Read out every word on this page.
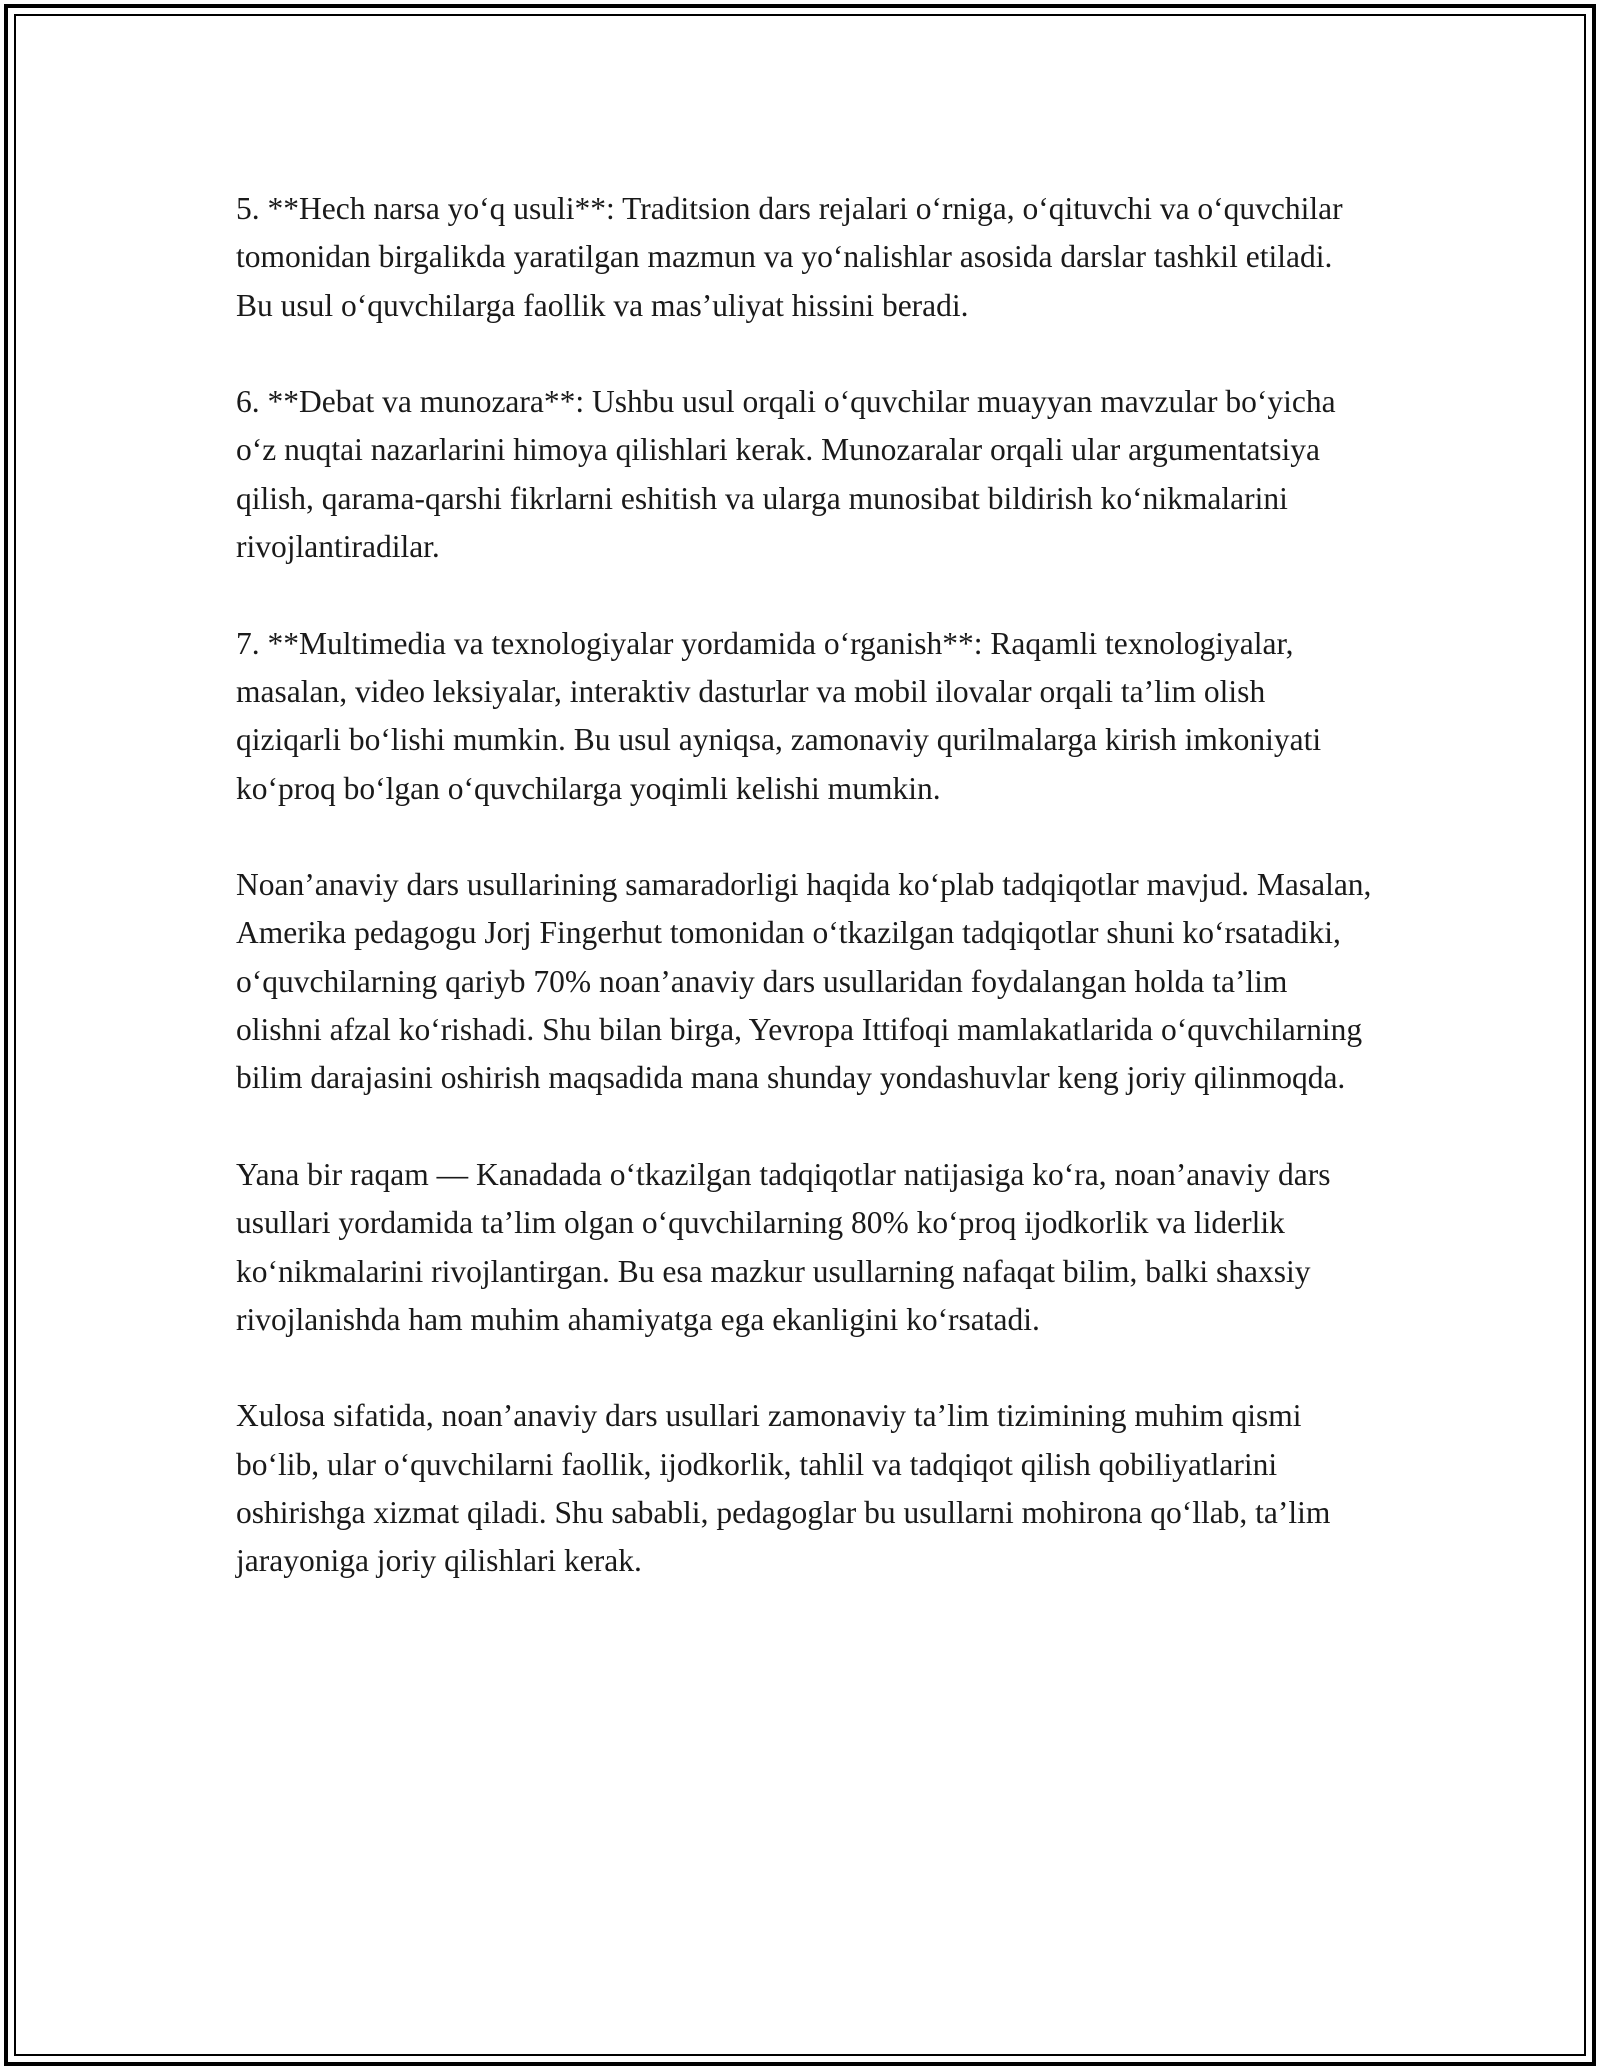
5. **Hech narsa yo‘q usuli**: Traditsion dars rejalari o‘rniga, o‘qituvchi va o‘quvchilar tomonidan birgalikda yaratilgan mazmun va yo‘nalishlar asosida darslar tashkil etiladi. Bu usul o‘quvchilarga faollik va mas’uliyat hissini beradi.

6. **Debat va munozara**: Ushbu usul orqali o‘quvchilar muayyan mavzular bo‘yicha o‘z nuqtai nazarlarini himoya qilishlari kerak. Munozaralar orqali ular argumentatsiya qilish, qarama-qarshi fikrlarni eshitish va ularga munosibat bildirish ko‘nikmalarini rivojlantiradilar.

7. **Multimedia va texnologiyalar yordamida o‘rganish**: Raqamli texnologiyalar, masalan, video leksiyalar, interaktiv dasturlar va mobil ilovalar orqali ta’lim olish qiziqarli bo‘lishi mumkin. Bu usul ayniqsa, zamonaviy qurilmalarga kirish imkoniyati ko‘proq bo‘lgan o‘quvchilarga yoqimli kelishi mumkin.

Noan’anaviy dars usullarining samaradorligi haqida ko‘plab tadqiqotlar mavjud. Masalan, Amerika pedagogu Jorj Fingerhut tomonidan o‘tkazilgan tadqiqotlar shuni ko‘rsatadiki, o‘quvchilarning qariyb 70% noan’anaviy dars usullaridan foydalangan holda ta’lim olishni afzal ko‘rishadi. Shu bilan birga, Yevropa Ittifoqi mamlakatlarida o‘quvchilarning bilim darajasini oshirish maqsadida mana shunday yondashuvlar keng joriy qilinmoqda.

Yana bir raqam — Kanadada o‘tkazilgan tadqiqotlar natijasiga ko‘ra, noan’anaviy dars usullari yordamida ta’lim olgan o‘quvchilarning 80% ko‘proq ijodkorlik va liderlik ko‘nikmalarini rivojlantirgan. Bu esa mazkur usullarning nafaqat bilim, balki shaxsiy rivojlanishda ham muhim ahamiyatga ega ekanligini ko‘rsatadi.

Xulosa sifatida, noan’anaviy dars usullari zamonaviy ta’lim tizimining muhim qismi bo‘lib, ular o‘quvchilarni faollik, ijodkorlik, tahlil va tadqiqot qilish qobiliyatlarini oshirishga xizmat qiladi. Shu sababli, pedagoglar bu usullarni mohirona qo‘llab, ta’lim jarayoniga joriy qilishlari kerak.
